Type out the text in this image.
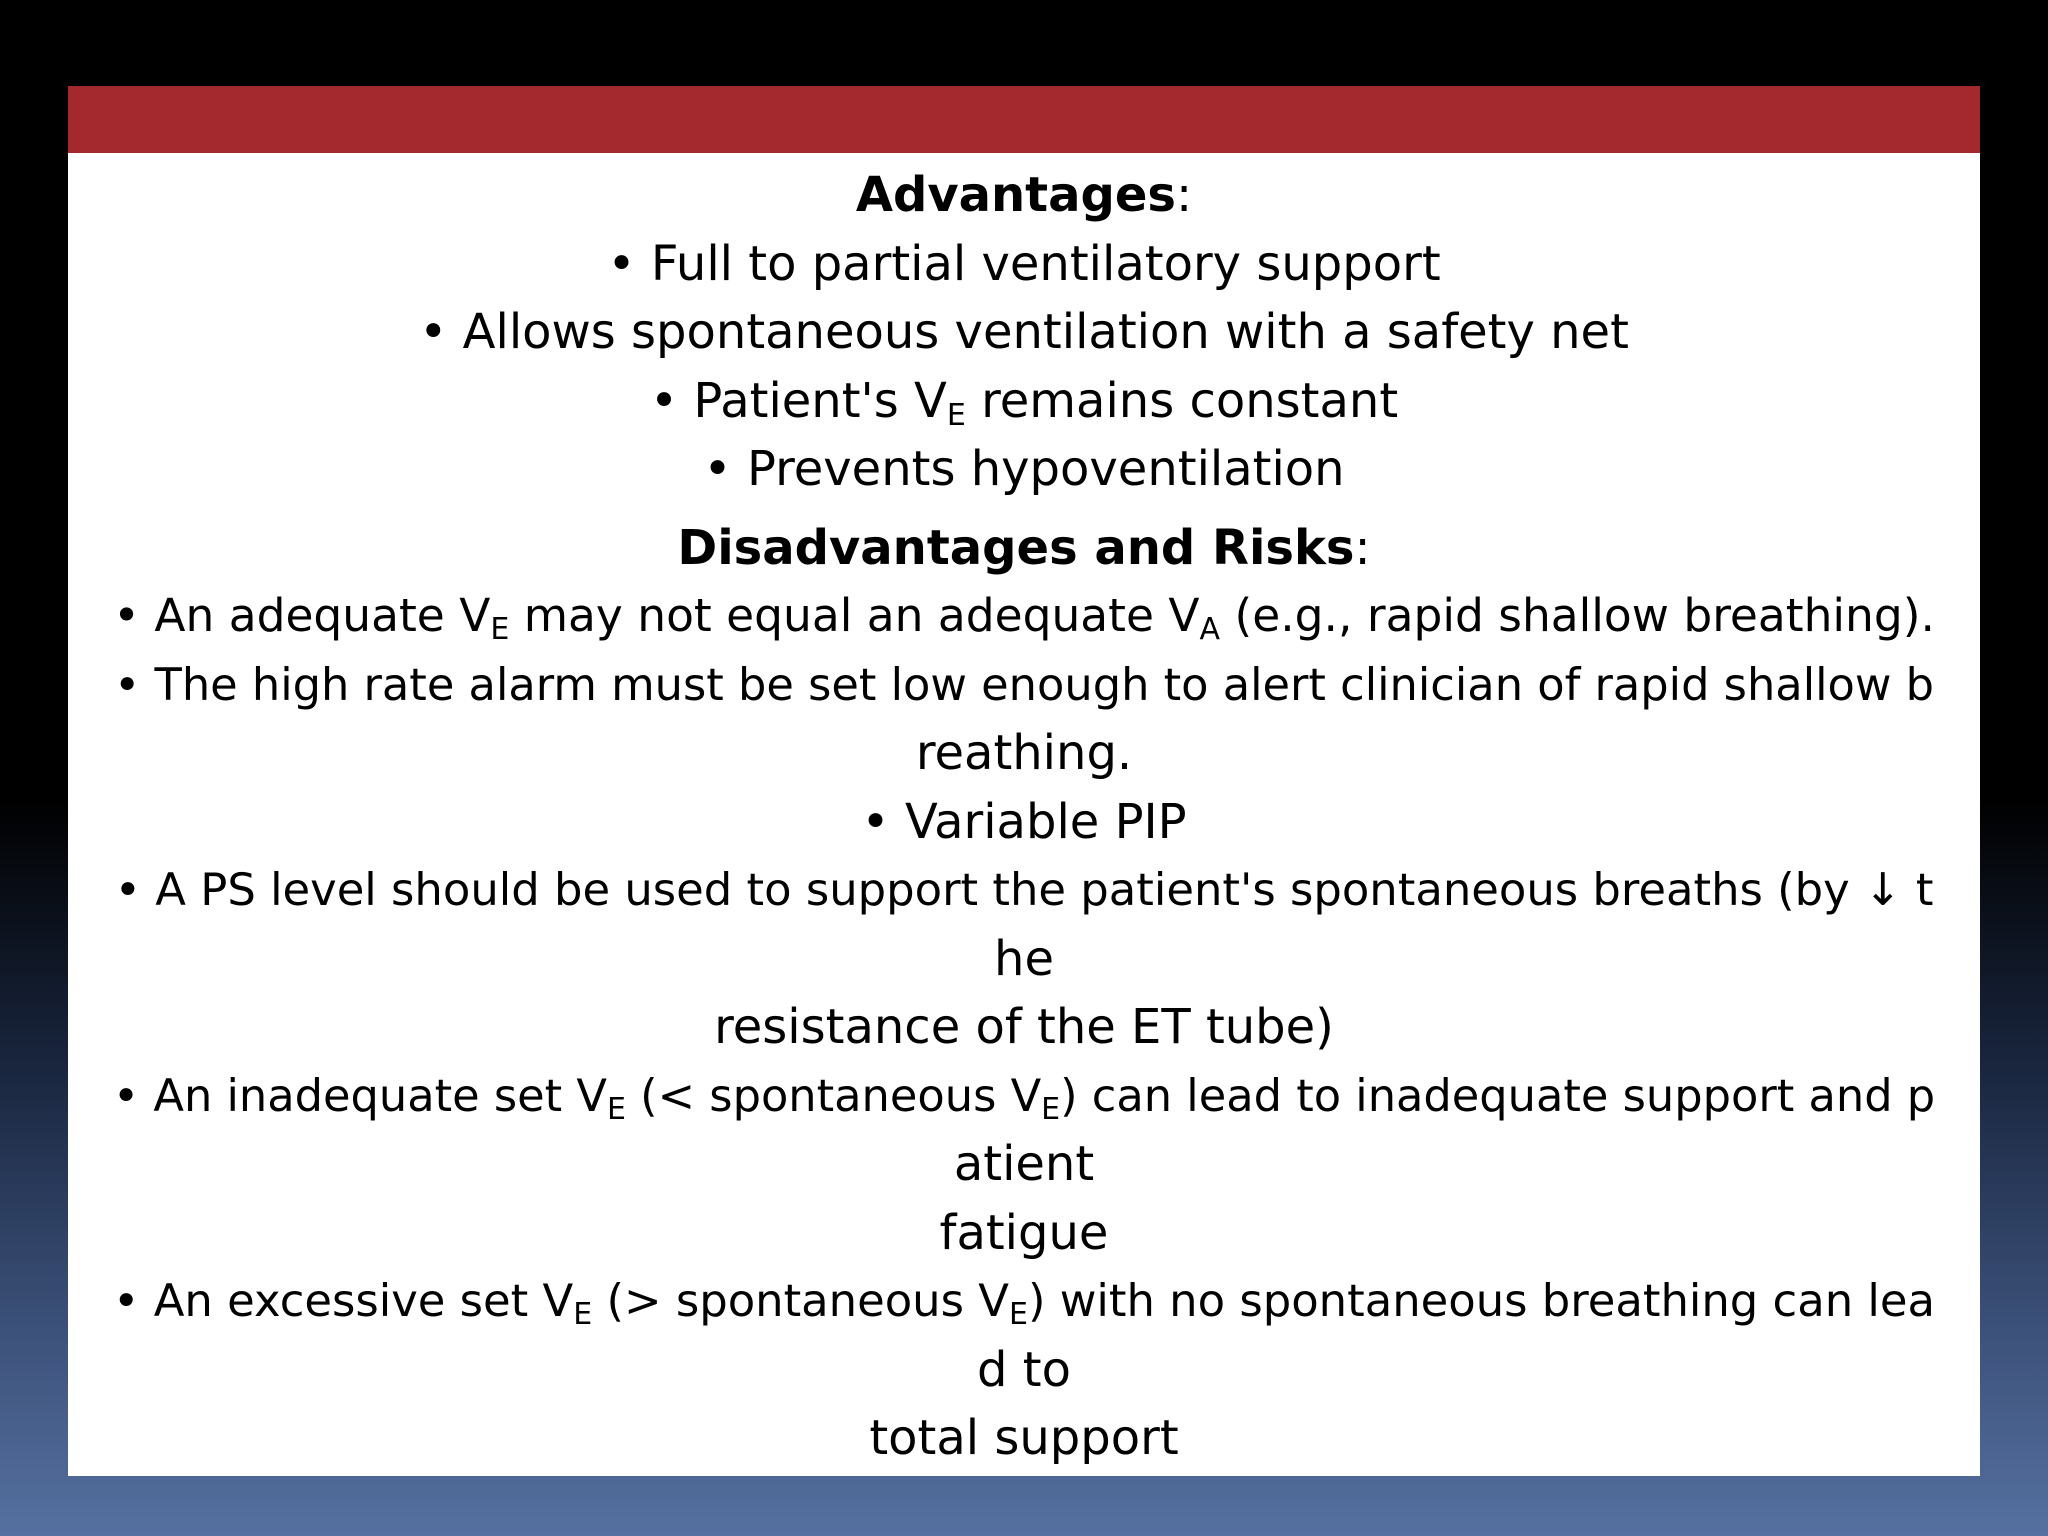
Advantages:
• Full to partial ventilatory support
• Allows spontaneous ventilation with a safety net
• Patient's $V_E$ remains constant
• Prevents hypoventilation
Disadvantages and Risks:
• An adequate $V_E$ may not equal an adequate $V_A$ (e.g., rapid shallow breathing).
• The high rate alarm must be set low enough to alert clinician of rapid shallow b
reathing.
• Variable PIP
• A PS level should be used to support the patient's spontaneous breaths (by ↓ t
he
resistance of the ET tube)
• An inadequate set $V_E$ (< spontaneous $V_E$) can lead to inadequate support and p
atient
fatigue
• An excessive set $V_E$ (> spontaneous $V_E$) with no spontaneous breathing can lea
d to
total support
